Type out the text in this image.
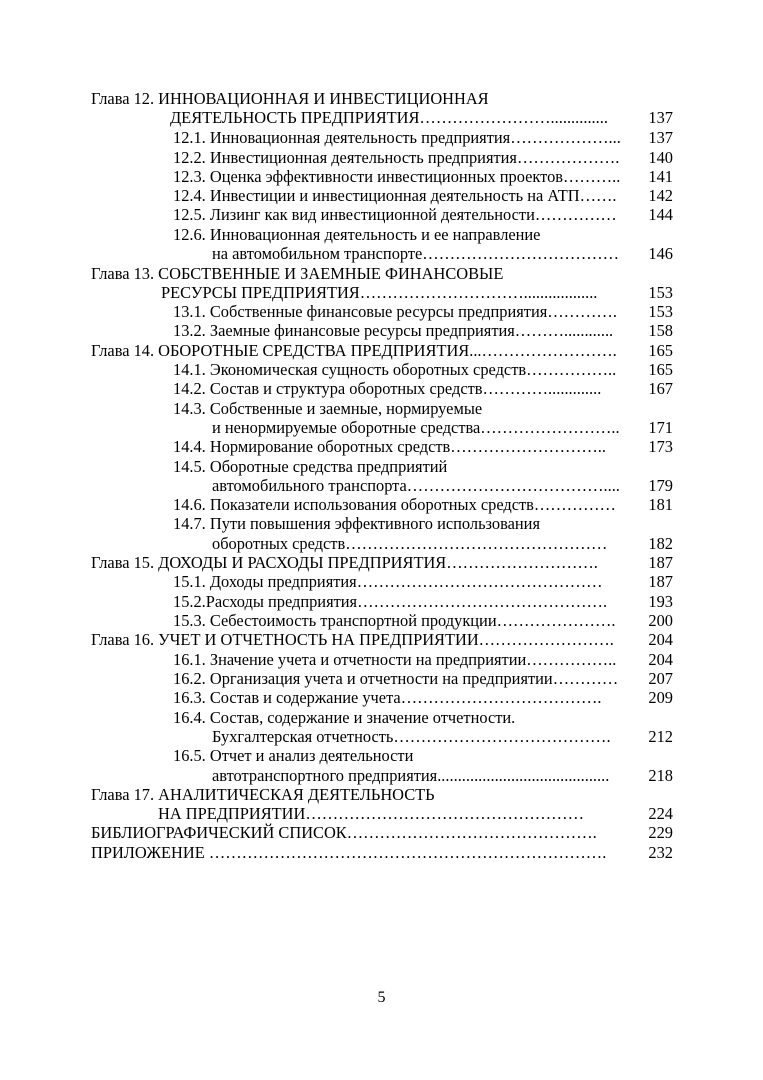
Глава 12. ИННОВАЦИОННАЯ И ИНВЕСТИЦИОННАЯ
ДЕЯТЕЛЬНОСТЬ ПРЕДПРИЯТИЯ……………………..............	137
12.1. Инновационная деятельность предприятия………………...	137
12.2. Инвестиционная деятельность предприятия……………….	140
12.3. Оценка эффективности инвестиционных проектов………..	141
12.4. Инвестиции и инвестиционная деятельность на АТП…….	142
12.5. Лизинг как вид инвестиционной деятельности……………	144
12.6. Инновационная деятельность и ее направление
на автомобильном транспорте………………………………	146
Глава 13. СОБСТВЕННЫЕ И ЗАЕМНЫЕ ФИНАНСОВЫЕ
РЕСУРСЫ ПРЕДПРИЯТИЯ…………………………..................	153
13.1. Собственные финансовые ресурсы предприятия………….	153
13.2. Заемные финансовые ресурсы предприятия………............	158
Глава 14. ОБОРОТНЫЕ СРЕДСТВА ПРЕДПРИЯТИЯ...…………………….	165
14.1. Экономическая сущность оборотных средств……………..	165
14.2. Состав и структура оборотных средств………….............	167
14.3. Собственные и заемные, нормируемые
и ненормируемые оборотные средства……………………..	171
14.4. Нормирование оборотных средств………………………..	173
14.5. Оборотные средства предприятий
автомобильного транспорта………………………………....	179
14.6. Показатели использования оборотных средств……………	181
14.7. Пути повышения эффективного использования
оборотных средств…………………………………………	182
Глава 15. ДОХОДЫ И РАСХОДЫ ПРЕДПРИЯТИЯ……………………….	187
15.1. Доходы предприятия………………………………………	187
15.2.Расходы предприятия……………………………………….	193
15.3. Себестоимость транспортной продукции………………….	200
Глава 16. УЧЕТ И ОТЧЕТНОСТЬ НА ПРЕДПРИЯТИИ…………………….	204
16.1. Значение учета и отчетности на предприятии……………..	204
16.2. Организация учета и отчетности на предприятии…………	207
16.3. Состав и содержание учета……………………………….	209
16.4. Состав, содержание и значение отчетности.
Бухгалтерская отчетность………………………………….	212
16.5. Отчет и анализ деятельности
автотранспортного предприятия..........................................	218
Глава 17. АНАЛИТИЧЕСКАЯ ДЕЯТЕЛЬНОСТЬ
НА ПРЕДПРИЯТИИ……………………………………………	224
БИБЛИОГРАФИЧЕСКИЙ СПИСОК……………………………………….	229
ПРИЛОЖЕНИЕ ……………………………………………………………….	232
5
